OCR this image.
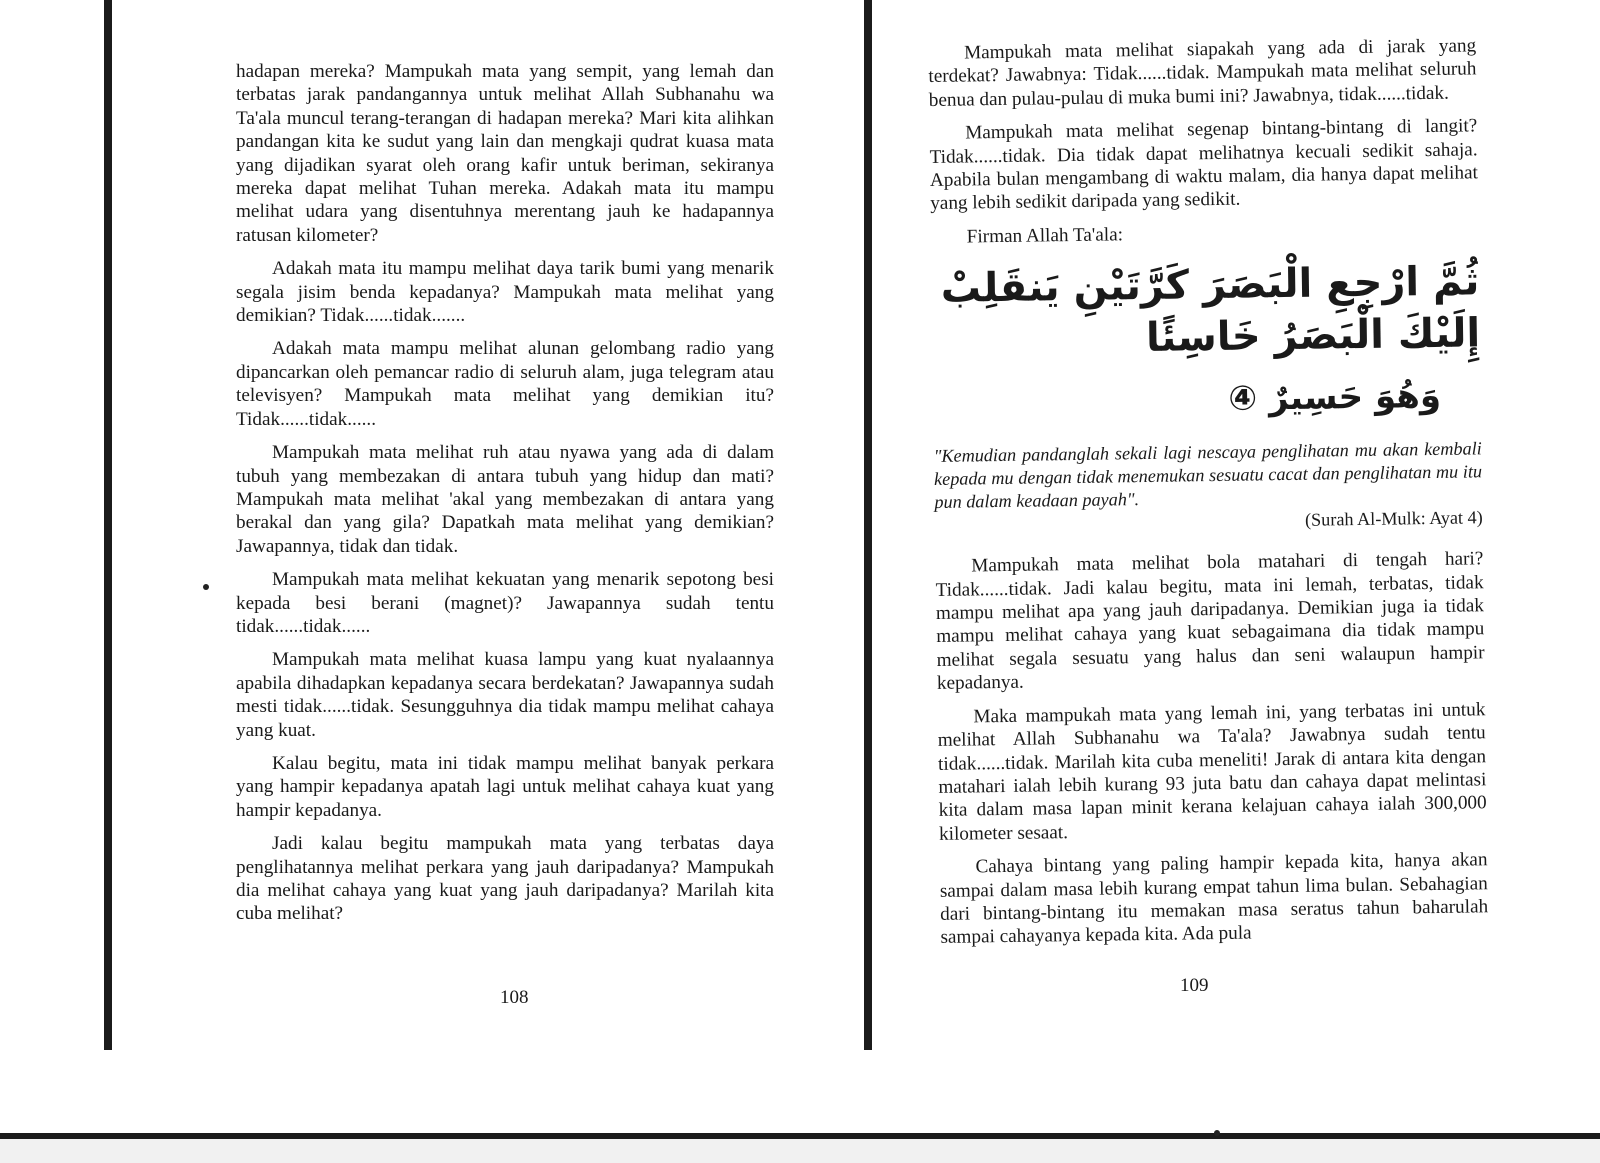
hadapan mereka? Mampukah mata yang sempit, yang lemah dan terbatas jarak pandangannya untuk melihat Allah Subhanahu wa Ta'ala muncul terang-terangan di hadapan mereka? Mari kita alihkan pandangan kita ke sudut yang lain dan mengkaji qudrat kuasa mata yang dijadikan syarat oleh orang kafir untuk beriman, sekiranya mereka dapat melihat Tuhan mereka. Adakah mata itu mampu melihat udara yang disentuhnya merentang jauh ke hadapannya ratusan kilometer?

Adakah mata itu mampu melihat daya tarik bumi yang menarik segala jisim benda kepadanya? Mampukah mata melihat yang demikian? Tidak......tidak.......

Adakah mata mampu melihat alunan gelombang radio yang dipancarkan oleh pemancar radio di seluruh alam, juga telegram atau televisyen? Mampukah mata melihat yang demikian itu? Tidak......tidak......

Mampukah mata melihat ruh atau nyawa yang ada di dalam tubuh yang membezakan di antara tubuh yang hidup dan mati? Mampukah mata melihat 'akal yang membezakan di antara yang berakal dan yang gila? Dapatkah mata melihat yang demikian? Jawapannya, tidak dan tidak.

Mampukah mata melihat kekuatan yang menarik sepotong besi kepada besi berani (magnet)? Jawapannya sudah tentu tidak......tidak......

Mampukah mata melihat kuasa lampu yang kuat nyalaannya apabila dihadapkan kepadanya secara berdekatan? Jawapannya sudah mesti tidak......tidak. Sesungguhnya dia tidak mampu melihat cahaya yang kuat.

Kalau begitu, mata ini tidak mampu melihat banyak perkara yang hampir kepadanya apatah lagi untuk melihat cahaya kuat yang hampir kepadanya.

Jadi kalau begitu mampukah mata yang terbatas daya penglihatannya melihat perkara yang jauh daripadanya? Mampukah dia melihat cahaya yang kuat yang jauh daripadanya? Marilah kita cuba melihat?

108

Mampukah mata melihat siapakah yang ada di jarak yang terdekat? Jawabnya: Tidak......tidak. Mampukah mata melihat seluruh benua dan pulau-pulau di muka bumi ini? Jawabnya, tidak......tidak.

Mampukah mata melihat segenap bintang-bintang di langit? Tidak......tidak. Dia tidak dapat melihatnya kecuali sedikit sahaja. Apabila bulan mengambang di waktu malam, dia hanya dapat melihat yang lebih sedikit daripada yang sedikit.

Firman Allah Ta'ala:

ثُمَّ ارْجِعِ الْبَصَرَ كَرَّتَيْنِ يَنقَلِبْ إِلَيْكَ الْبَصَرُ خَاسِئًا
وَهُوَ حَسِيرٌ ④

"Kemudian pandanglah sekali lagi nescaya penglihatan mu akan kembali kepada mu dengan tidak menemukan sesuatu cacat dan penglihatan mu itu pun dalam keadaan payah".

(Surah Al-Mulk: Ayat 4)

Mampukah mata melihat bola matahari di tengah hari? Tidak......tidak. Jadi kalau begitu, mata ini lemah, terbatas, tidak mampu melihat apa yang jauh daripadanya. Demikian juga ia tidak mampu melihat cahaya yang kuat sebagaimana dia tidak mampu melihat segala sesuatu yang halus dan seni walaupun hampir kepadanya.

Maka mampukah mata yang lemah ini, yang terbatas ini untuk melihat Allah Subhanahu wa Ta'ala? Jawabnya sudah tentu tidak......tidak. Marilah kita cuba meneliti! Jarak di antara kita dengan matahari ialah lebih kurang 93 juta batu dan cahaya dapat melintasi kita dalam masa lapan minit kerana kelajuan cahaya ialah 300,000 kilometer sesaat.

Cahaya bintang yang paling hampir kepada kita, hanya akan sampai dalam masa lebih kurang empat tahun lima bulan. Sebahagian dari bintang-bintang itu memakan masa seratus tahun baharulah sampai cahayanya kepada kita. Ada pula

109
